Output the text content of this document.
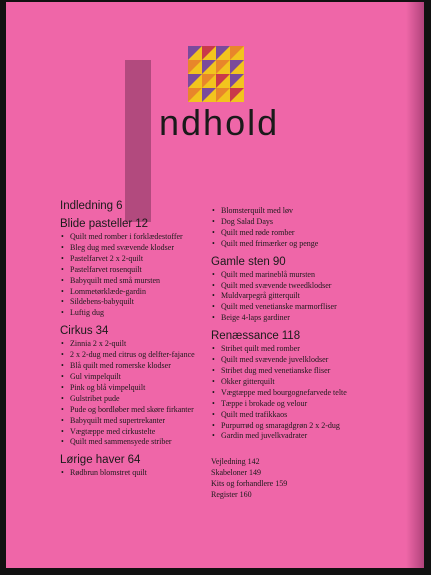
ndhold
Indledning 6
Blide pasteller 12
• Quilt med romber i forklædestoffer
• Bleg dug med svævende klodser
• Pastelfarvet 2 x 2-quilt
• Pastelfarvet rosenquilt
• Babyquilt med små mursten
• Lommetørklæde-gardin
• Sildebens-babyquilt
• Luftig dug
Cirkus 34
• Zinnia 2 x 2-quilt
• 2 x 2-dug med citrus og delfter-fajance
• Blå quilt med romerske klodser
• Gul vimpelquilt
• Pink og blå vimpelquilt
• Gulstribet pude
• Pude og bordløber med skøre firkanter
• Babyquilt med supertrekanter
• Vægtæppe med cirkustelte
• Quilt med sammensyede striber
Lørige haver 64
• Rødbrun blomstret quilt
• Blomsterquilt med løv
• Dog Salad Days
• Quilt med røde romber
• Quilt med frimærker og penge
Gamle sten 90
• Quilt med marineblå mursten
• Quilt med svævende tweedklodser
• Muldvarpegrå gitterquilt
• Quilt med venetianske marmorfliser
• Beige 4-laps gardiner
Renæssance 118
• Stribet quilt med romber
• Quilt med svævende juvelklodser
• Stribet dug med venetianske fliser
• Okker gitterquilt
• Vægtæppe med bourgognefarvede telte
• Tæppe i brokade og velour
• Quilt med trafikkaos
• Purpurrød og smaragdgrøn 2 x 2-dug
• Gardin med juvelkvadrater
Vejledning 142
Skabeloner 149
Kits og forhandlere 159
Register 160
